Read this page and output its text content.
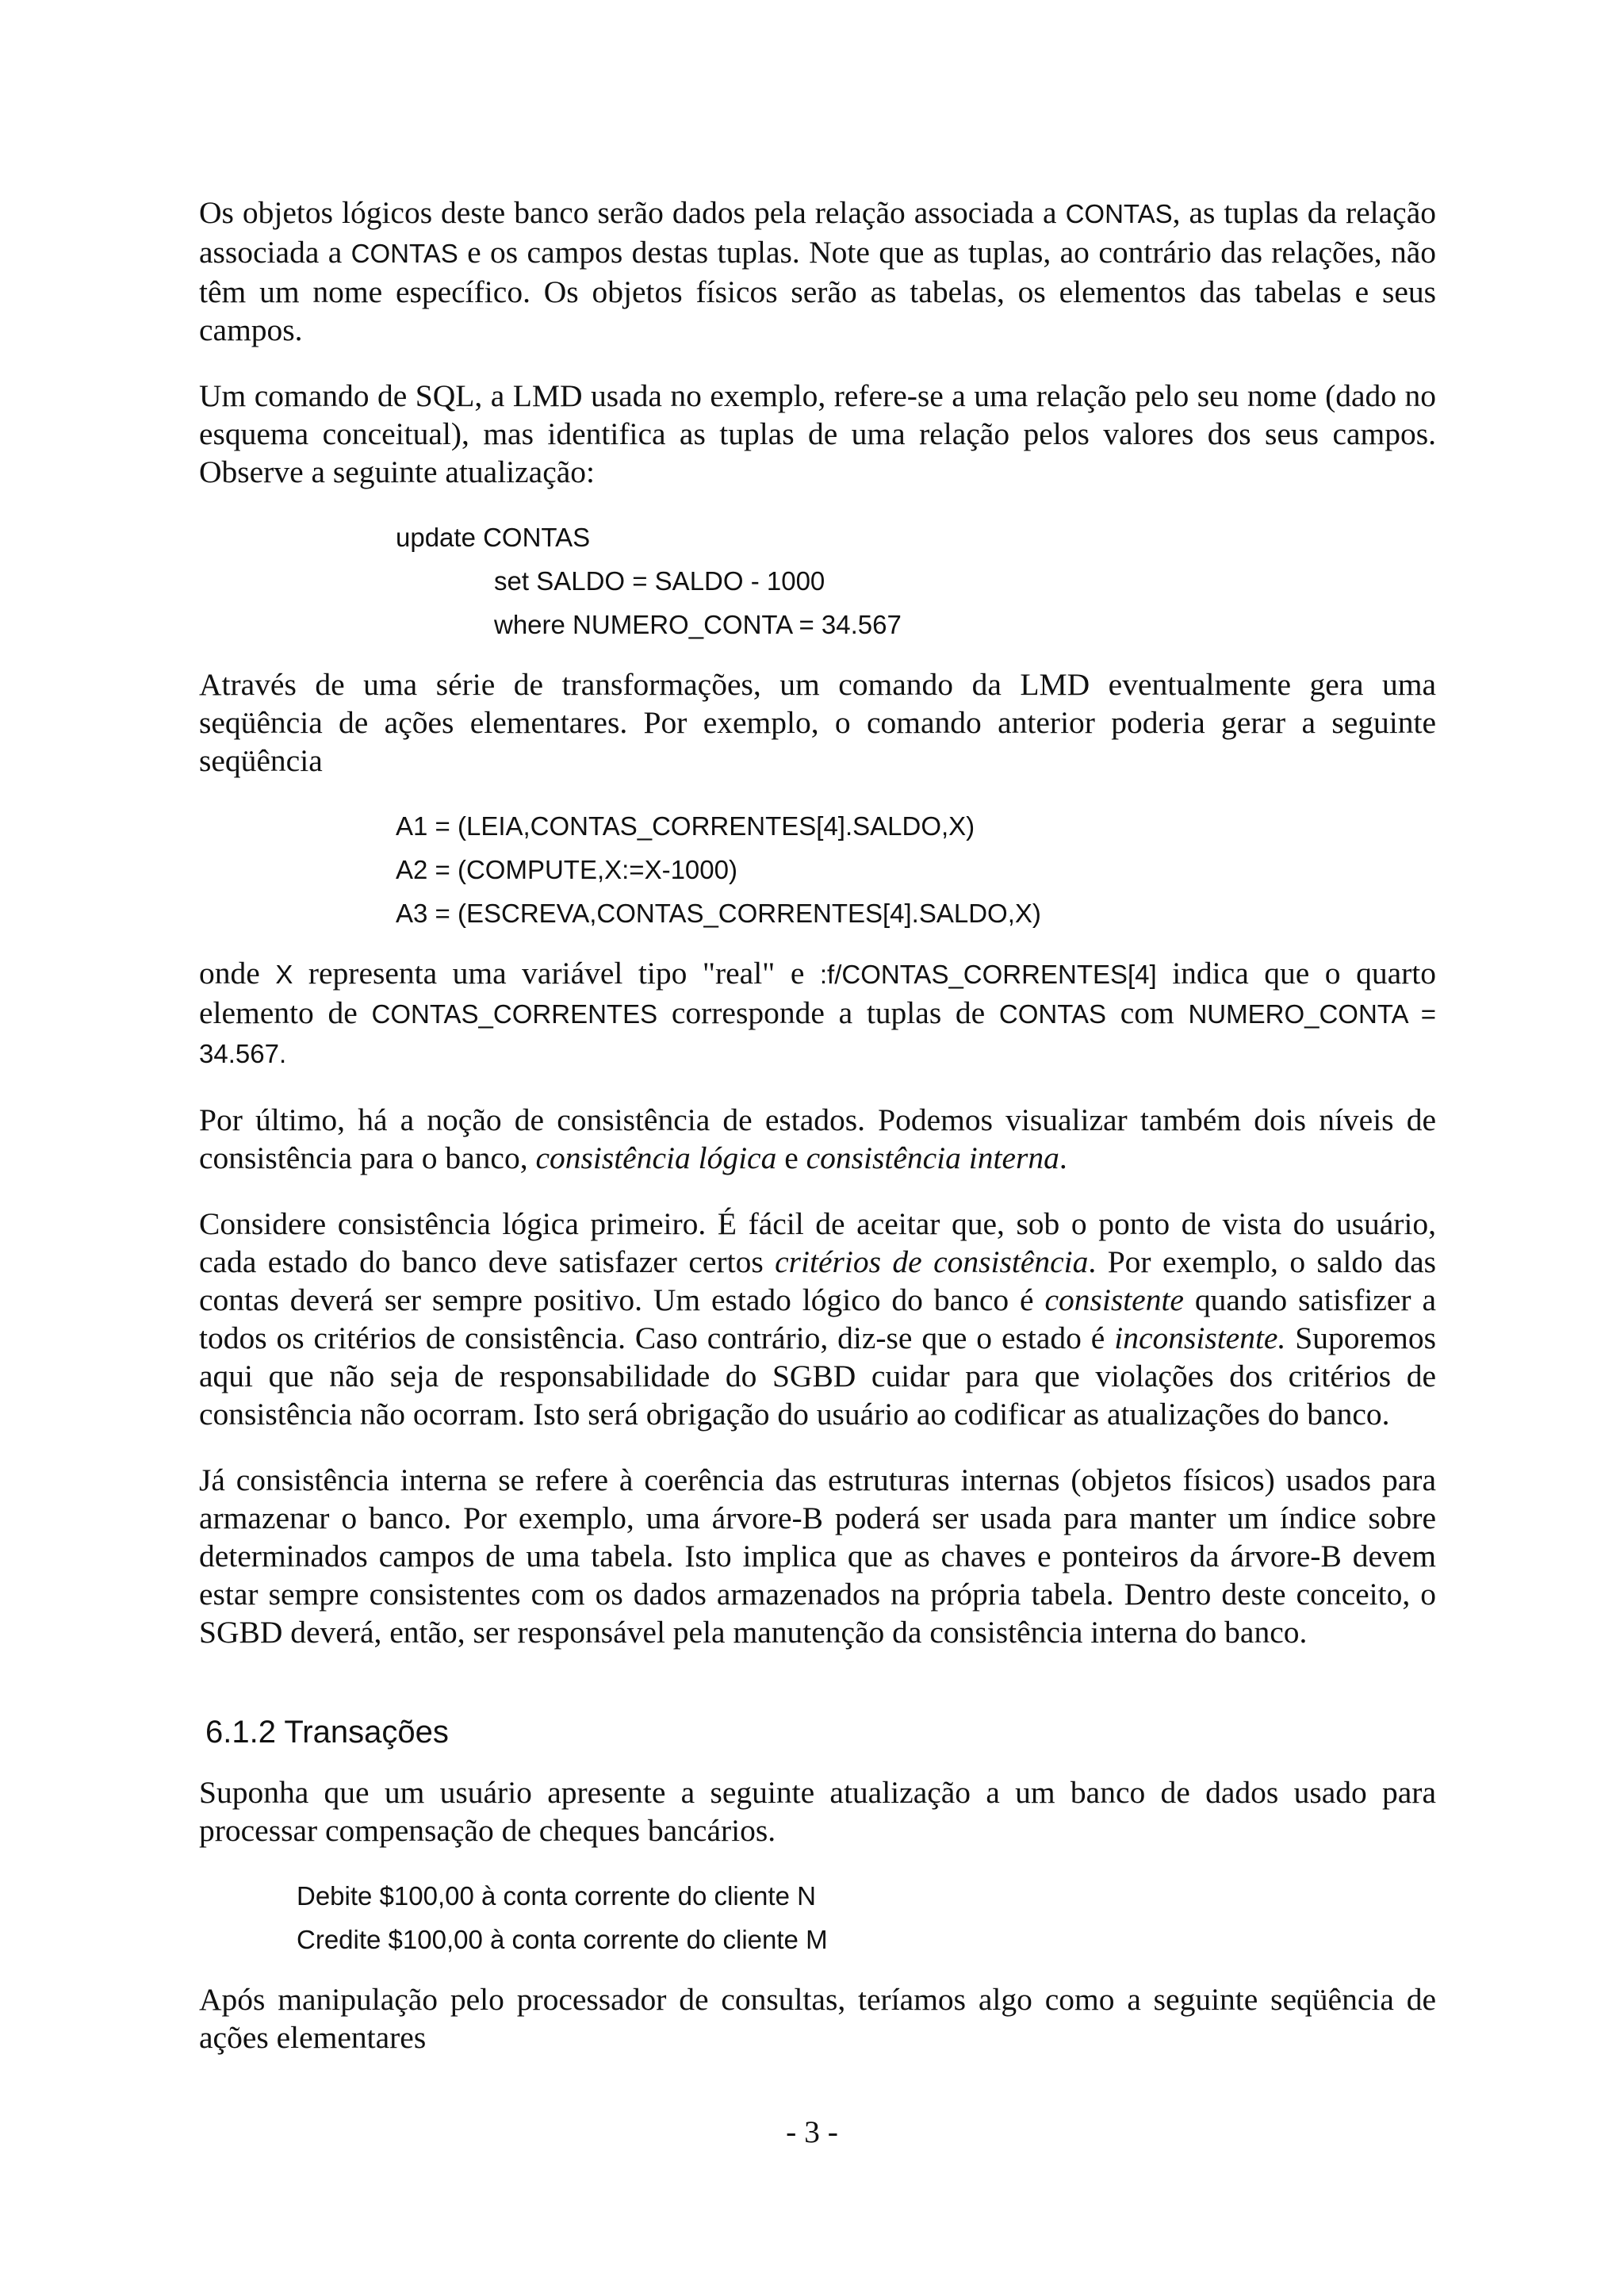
Os objetos lógicos deste banco serão dados pela relação associada a CONTAS, as tuplas da relação associada a CONTAS e os campos destas tuplas. Note que as tuplas, ao contrário das relações, não têm um nome específico. Os objetos físicos serão as tabelas, os elementos das tabelas e seus campos.

Um comando de SQL, a LMD usada no exemplo, refere-se a uma relação pelo seu nome (dado no esquema conceitual), mas identifica as tuplas de uma relação pelos valores dos seus campos. Observe a seguinte atualização:

update CONTAS
set SALDO = SALDO - 1000
where NUMERO_CONTA = 34.567

Através de uma série de transformações, um comando da LMD eventualmente gera uma seqüência de ações elementares. Por exemplo, o comando anterior poderia gerar a seguinte seqüência

A1 = (LEIA,CONTAS_CORRENTES[4].SALDO,X)
A2 = (COMPUTE,X:=X-1000)
A3 = (ESCREVA,CONTAS_CORRENTES[4].SALDO,X)

onde X representa uma variável tipo "real" e :f/CONTAS_CORRENTES[4] indica que o quarto elemento de CONTAS_CORRENTES corresponde a tuplas de CONTAS com NUMERO_CONTA = 34.567.

Por último, há a noção de consistência de estados. Podemos visualizar também dois níveis de consistência para o banco, consistência lógica e consistência interna.

Considere consistência lógica primeiro. É fácil de aceitar que, sob o ponto de vista do usuário, cada estado do banco deve satisfazer certos critérios de consistência. Por exemplo, o saldo das contas deverá ser sempre positivo. Um estado lógico do banco é consistente quando satisfizer a todos os critérios de consistência. Caso contrário, diz-se que o estado é inconsistente. Suporemos aqui que não seja de responsabilidade do SGBD cuidar para que violações dos critérios de consistência não ocorram. Isto será obrigação do usuário ao codificar as atualizações do banco.

Já consistência interna se refere à coerência das estruturas internas (objetos físicos) usados para armazenar o banco. Por exemplo, uma árvore-B poderá ser usada para manter um índice sobre determinados campos de uma tabela. Isto implica que as chaves e ponteiros da árvore-B devem estar sempre consistentes com os dados armazenados na própria tabela. Dentro deste conceito, o SGBD deverá, então, ser responsável pela manutenção da consistência interna do banco.

6.1.2 Transações

Suponha que um usuário apresente a seguinte atualização a um banco de dados usado para processar compensação de cheques bancários.

Debite $100,00 à conta corrente do cliente N
Credite $100,00 à conta corrente do cliente M

Após manipulação pelo processador de consultas, teríamos algo como a seguinte seqüência de ações elementares

- 3 -
